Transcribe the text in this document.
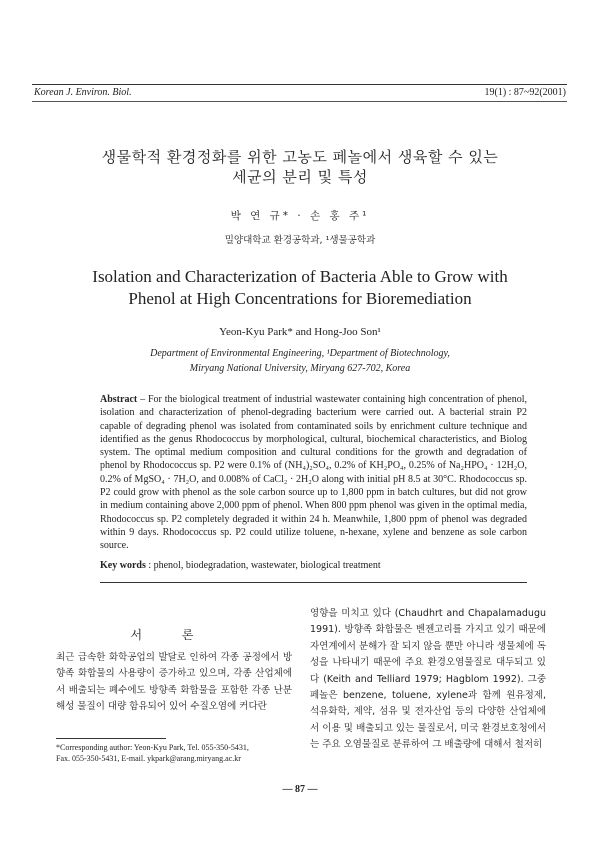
Korean J. Environ. Biol.	19(1) : 87~92(2001)
생물학적 환경정화를 위한 고농도 페놀에서 생육할 수 있는
세균의 분리 및 특성
박 연 규* · 손 홍 주¹
밀양대학교 환경공학과, ¹생물공학과
Isolation and Characterization of Bacteria Able to Grow with
Phenol at High Concentrations for Bioremediation
Yeon-Kyu Park* and Hong-Joo Son¹
Department of Environmental Engineering, ¹Department of Biotechnology,
Miryang National University, Miryang 627-702, Korea
Abstract – For the biological treatment of industrial wastewater containing high concentration of phenol, isolation and characterization of phenol-degrading bacterium were carried out. A bacterial strain P2 capable of degrading phenol was isolated from contaminated soils by enrichment culture technique and identified as the genus Rhodococcus by morphological, cultural, biochemical characteristics, and Biolog system. The optimal medium composition and cultural conditions for the growth and degradation of phenol by Rhodococcus sp. P2 were 0.1% of (NH₄)₂SO₄, 0.2% of KH₂PO₄, 0.25% of Na₂HPO₄ · 12H₂O, 0.2% of MgSO₄ · 7H₂O, and 0.008% of CaCl₂ · 2H₂O along with initial pH 8.5 at 30°C. Rhodococcus sp. P2 could grow with phenol as the sole carbon source up to 1,800 ppm in batch cultures, but did not grow in medium containing above 2,000 ppm of phenol. When 800 ppm phenol was given in the optimal media, Rhodococcus sp. P2 completely degraded it within 24 h. Meanwhile, 1,800 ppm of phenol was degraded within 9 days. Rhodococcus sp. P2 could utilize toluene, n-hexane, xylene and benzene as sole carbon source.
Key words : phenol, biodegradation, wastewater, biological treatment
서 론
최근 급속한 화학공업의 발달로 인하여 각종 공정에서 방향족 화합물의 사용량이 증가하고 있으며, 각종 산업체에서 배출되는 폐수에도 방향족 화합물을 포함한 각종 난분해성 물질이 대량 함유되어 있어 수질오염에 커다란
영향을 미치고 있다 (Chaudhrt and Chapalamadugu 1991). 방향족 화합물은 벤젠고리를 가지고 있기 때문에 자연계에서 분해가 잘 되지 않을 뿐만 아니라 생물체에 독성을 나타내기 때문에 주요 환경오염물질로 대두되고 있다 (Keith and Telliard 1979; Hagblom 1992). 그중 페놀은 benzene, toluene, xylene과 함께 원유정제, 석유화학, 제약, 섬유 및 전자산업 등의 다양한 산업체에서 이용 및 배출되고 있는 물질로서, 미국 환경보호청에서는 주요 오염물질로 분류하여 그 배출량에 대해서 철저히
*Corresponding author: Yeon-Kyu Park, Tel. 055-350-5431,
Fax. 055-350-5431, E-mail. ykpark@arang.miryang.ac.kr
— 87 —
